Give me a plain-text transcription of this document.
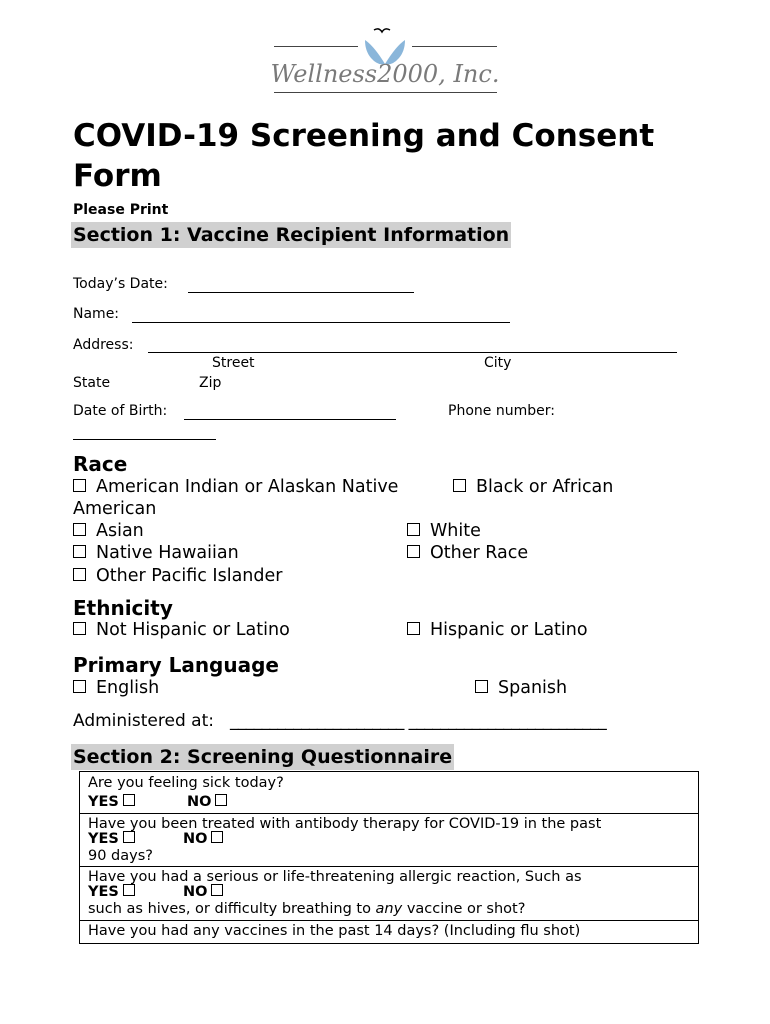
Wellness2000, Inc.
COVID-19 Screening and Consent Form
Please Print
Section 1: Vaccine Recipient Information
Today’s Date:
Name:
Address:
Street	City
State	Zip
Date of Birth:	Phone number:
Race
American Indian or Alaskan Native	Black or African
American
Asian	White
Native Hawaiian	Other Race
Other Pacific Islander
Ethnicity
Not Hispanic or Latino	Hispanic or Latino
Primary Language
English	Spanish
Administered at: ______________________ _________________________
Section 2: Screening Questionnaire
Are you feeling sick today?
YES	NO
Have you been treated with antibody therapy for COVID-19 in the past
YES	NO
90 days?
Have you had a serious or life-threatening allergic reaction, Such as
YES	NO
such as hives, or difficulty breathing to any vaccine or shot?
Have you had any vaccines in the past 14 days? (Including flu shot)
